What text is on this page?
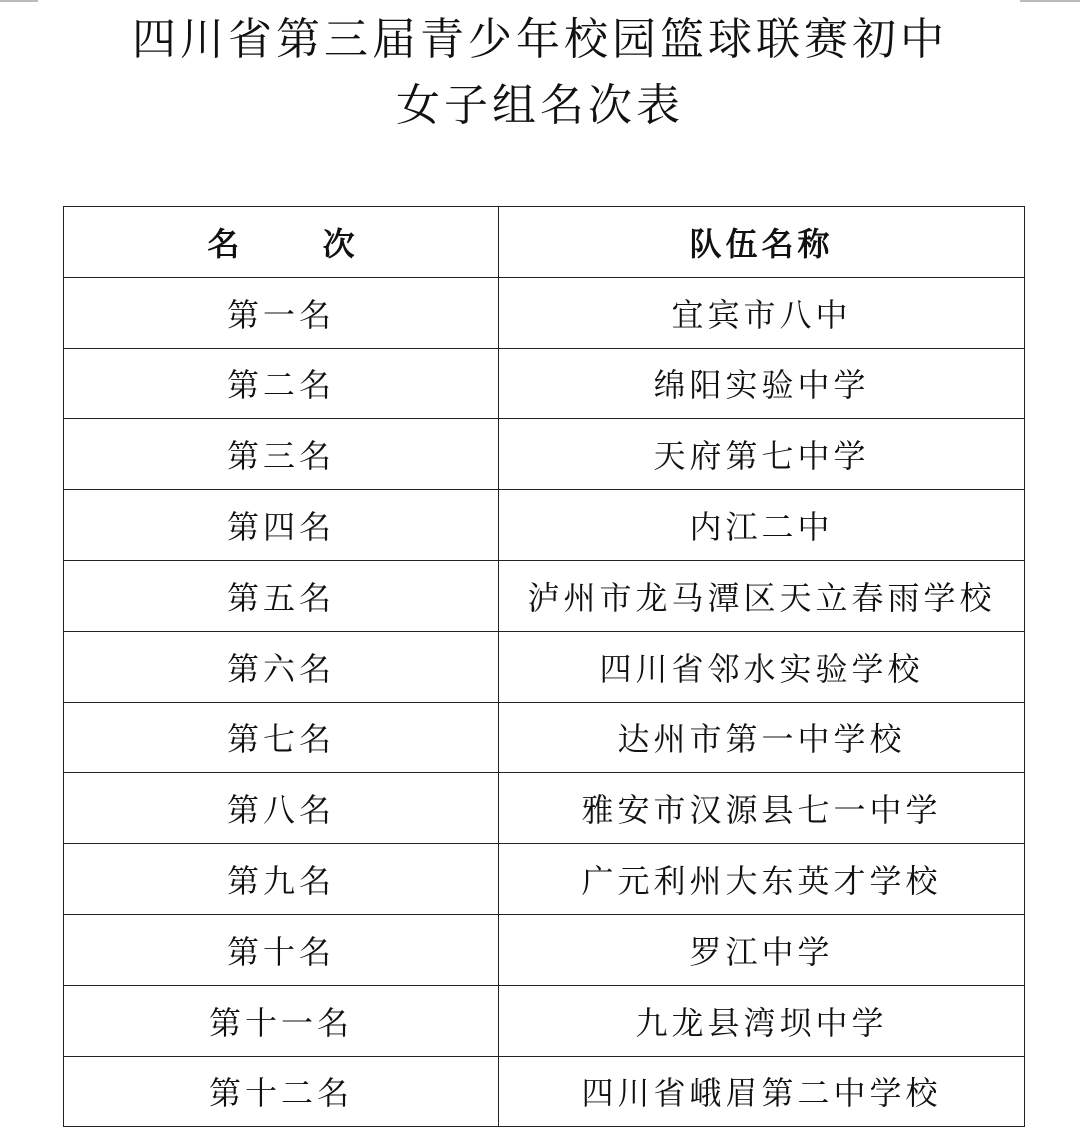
四川省第三届青少年校园篮球联赛初中
女子组名次表
名 次	队伍名称
第一名	宜宾市八中
第二名	绵阳实验中学
第三名	天府第七中学
第四名	内江二中
第五名	泸州市龙马潭区天立春雨学校
第六名	四川省邻水实验学校
第七名	达州市第一中学校
第八名	雅安市汉源县七一中学
第九名	广元利州大东英才学校
第十名	罗江中学
第十一名	九龙县湾坝中学
第十二名	四川省峨眉第二中学校
